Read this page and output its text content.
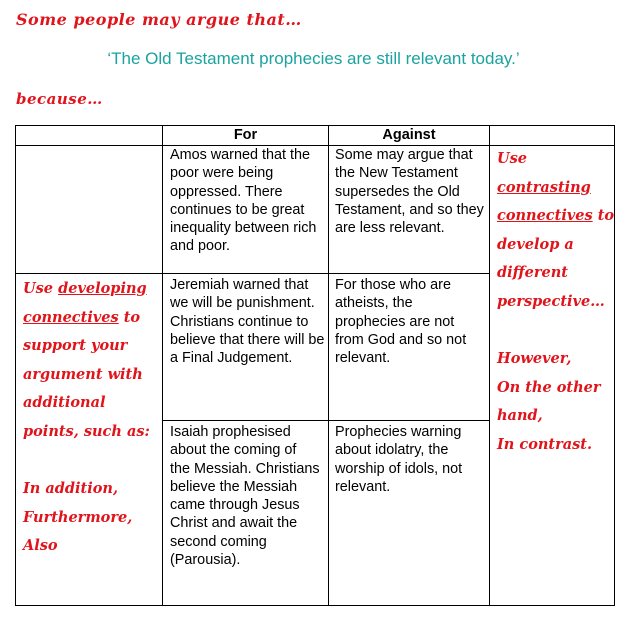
Some people may argue that…
‘The Old Testament prophecies are still relevant today.’
because…
For	Against
Amos warned that the poor were being oppressed. There continues to be great inequality between rich and poor.
Some may argue that the New Testament supersedes the Old Testament, and so they are less relevant.
Jeremiah warned that we will be punishment. Christians continue to believe that there will be a Final Judgement.
For those who are atheists, the prophecies are not from God and so not relevant.
Isaiah prophesised about the coming of the Messiah. Christians believe the Messiah came through Jesus Christ and await the second coming (Parousia).
Prophecies warning about idolatry, the worship of idols, not relevant.
Use developing
connectives to
support your
argument with
additional
points, such as:
In addition,
Furthermore,
Also
Use
contrasting
connectives to
develop a
different
perspective…
However,
On the other
hand,
In contrast.
